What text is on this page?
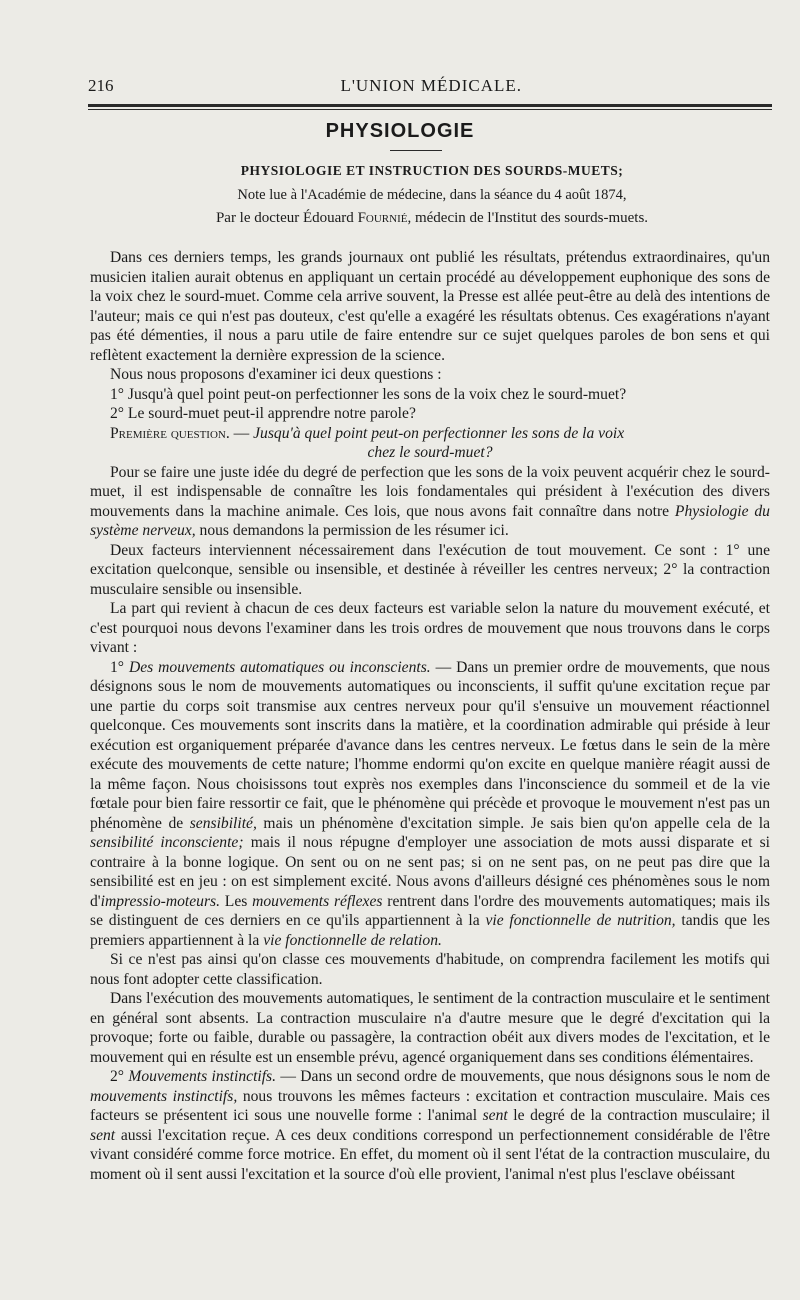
216	L'UNION MÉDICALE.
PHYSIOLOGIE
PHYSIOLOGIE ET INSTRUCTION DES SOURDS-MUETS;
Note lue à l'Académie de médecine, dans la séance du 4 août 1874,
Par le docteur Édouard Fournié, médecin de l'Institut des sourds-muets.

Dans ces derniers temps, les grands journaux ont publié les résultats, prétendus extraordinaires, qu'un musicien italien aurait obtenus en appliquant un certain procédé au développement euphonique des sons de la voix chez le sourd-muet. Comme cela arrive souvent, la Presse est allée peut-être au delà des intentions de l'auteur; mais ce qui n'est pas douteux, c'est qu'elle a exagéré les résultats obtenus. Ces exagérations n'ayant pas été démenties, il nous a paru utile de faire entendre sur ce sujet quelques paroles de bon sens et qui reflètent exactement la dernière expression de la science.

Nous nous proposons d'examiner ici deux questions :

1° Jusqu'à quel point peut-on perfectionner les sons de la voix chez le sourd-muet?

2° Le sourd-muet peut-il apprendre notre parole?

Première question. — Jusqu'à quel point peut-on perfectionner les sons de la voix
chez le sourd-muet?

Pour se faire une juste idée du degré de perfection que les sons de la voix peuvent acquérir chez le sourd-muet, il est indispensable de connaître les lois fondamentales qui président à l'exécution des divers mouvements dans la machine animale. Ces lois, que nous avons fait connaître dans notre Physiologie du système nerveux, nous demandons la permission de les résumer ici.

Deux facteurs interviennent nécessairement dans l'exécution de tout mouvement. Ce sont : 1° une excitation quelconque, sensible ou insensible, et destinée à réveiller les centres nerveux; 2° la contraction musculaire sensible ou insensible.

La part qui revient à chacun de ces deux facteurs est variable selon la nature du mouvement exécuté, et c'est pourquoi nous devons l'examiner dans les trois ordres de mouvement que nous trouvons dans le corps vivant :

1° Des mouvements automatiques ou inconscients. — Dans un premier ordre de mouvements, que nous désignons sous le nom de mouvements automatiques ou inconscients, il suffit qu'une excitation reçue par une partie du corps soit transmise aux centres nerveux pour qu'il s'ensuive un mouvement réactionnel quelconque. Ces mouvements sont inscrits dans la matière, et la coordination admirable qui préside à leur exécution est organiquement préparée d'avance dans les centres nerveux. Le fœtus dans le sein de la mère exécute des mouvements de cette nature; l'homme endormi qu'on excite en quelque manière réagit aussi de la même façon. Nous choisissons tout exprès nos exemples dans l'inconscience du sommeil et de la vie fœtale pour bien faire ressortir ce fait, que le phénomène qui précède et provoque le mouvement n'est pas un phénomène de sensibilité, mais un phénomène d'excitation simple. Je sais bien qu'on appelle cela de la sensibilité inconsciente; mais il nous répugne d'employer une association de mots aussi disparate et si contraire à la bonne logique. On sent ou on ne sent pas; si on ne sent pas, on ne peut pas dire que la sensibilité est en jeu : on est simplement excité. Nous avons d'ailleurs désigné ces phénomènes sous le nom d'impressio-moteurs. Les mouvements réflexes rentrent dans l'ordre des mouvements automatiques; mais ils se distinguent de ces derniers en ce qu'ils appartiennent à la vie fonctionnelle de nutrition, tandis que les premiers appartiennent à la vie fonctionnelle de relation.

Si ce n'est pas ainsi qu'on classe ces mouvements d'habitude, on comprendra facilement les motifs qui nous font adopter cette classification.

Dans l'exécution des mouvements automatiques, le sentiment de la contraction musculaire et le sentiment en général sont absents. La contraction musculaire n'a d'autre mesure que le degré d'excitation qui la provoque; forte ou faible, durable ou passagère, la contraction obéit aux divers modes de l'excitation, et le mouvement qui en résulte est un ensemble prévu, agencé organiquement dans ses conditions élémentaires.

2° Mouvements instinctifs. — Dans un second ordre de mouvements, que nous désignons sous le nom de mouvements instinctifs, nous trouvons les mêmes facteurs : excitation et contraction musculaire. Mais ces facteurs se présentent ici sous une nouvelle forme : l'animal sent le degré de la contraction musculaire; il sent aussi l'excitation reçue. A ces deux conditions correspond un perfectionnement considérable de l'être vivant considéré comme force motrice. En effet, du moment où il sent l'état de la contraction musculaire, du moment où il sent aussi l'excitation et la source d'où elle provient, l'animal n'est plus l'esclave obéissant
